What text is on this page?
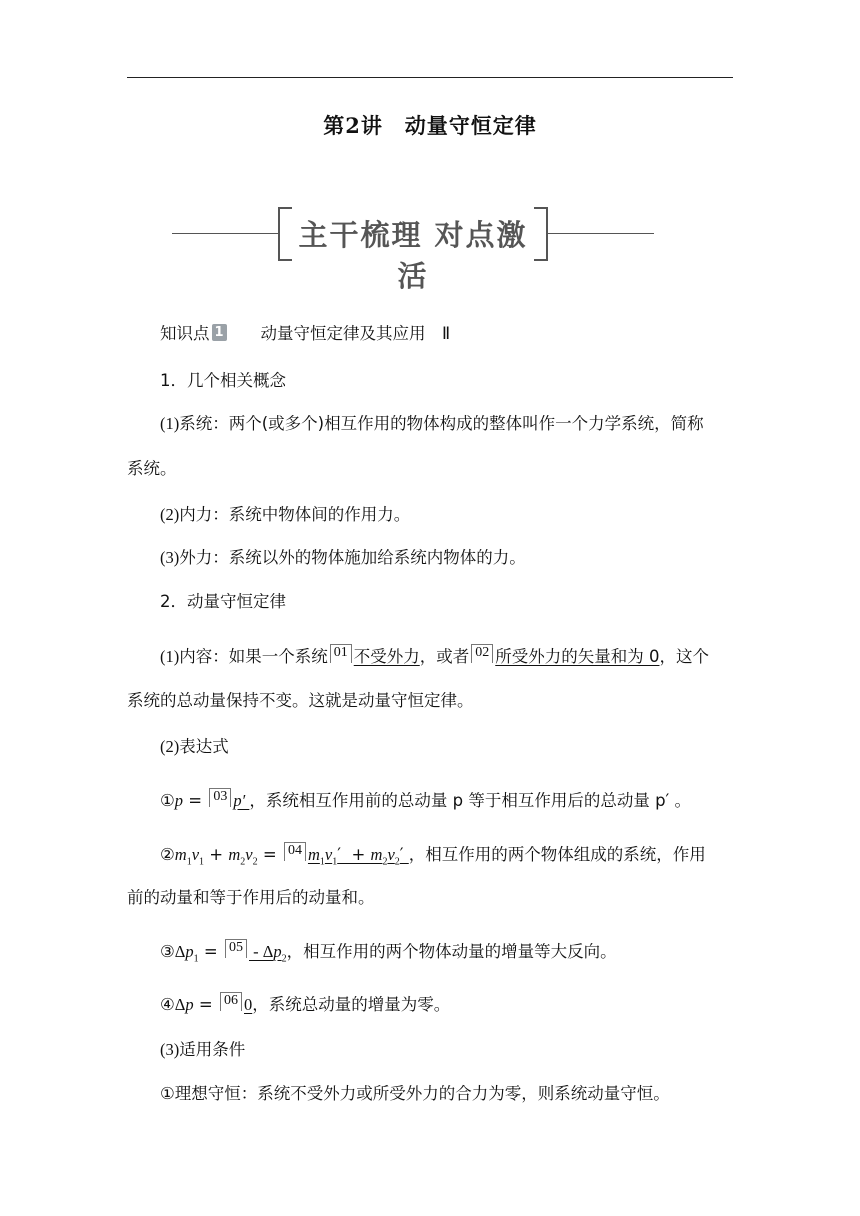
第2讲　动量守恒定律
主干梳理 对点激活
知识点 1 动量守恒定律及其应用　Ⅱ
1．几个相关概念
(1)系统：两个(或多个)相互作用的物体构成的整体叫作一个力学系统，简称
系统。
(2)内力：系统中物体间的作用力。
(3)外力：系统以外的物体施加给系统内物体的力。
2．动量守恒定律
(1)内容：如果一个系统 01 不受外力，或者 02 所受外力的矢量和为 0，这个
系统的总动量保持不变。这就是动量守恒定律。
(2)表达式
①p = 03 p′ ，系统相互作用前的总动量 p 等于相互作用后的总动量 p′ 。
$②m_1v_1 + m_2v_2 = 04$ $m_1v_1' + m_2v_2'$ ，相互作用的两个物体组成的系统，作用
前的动量和等于作用后的动量和。
$③\Delta p_1 = 05 - \Delta p_2$，相互作用的两个物体动量的增量等大反向。
④Δp = 06 0，系统总动量的增量为零。
(3)适用条件
①理想守恒：系统不受外力或所受外力的合力为零，则系统动量守恒。
